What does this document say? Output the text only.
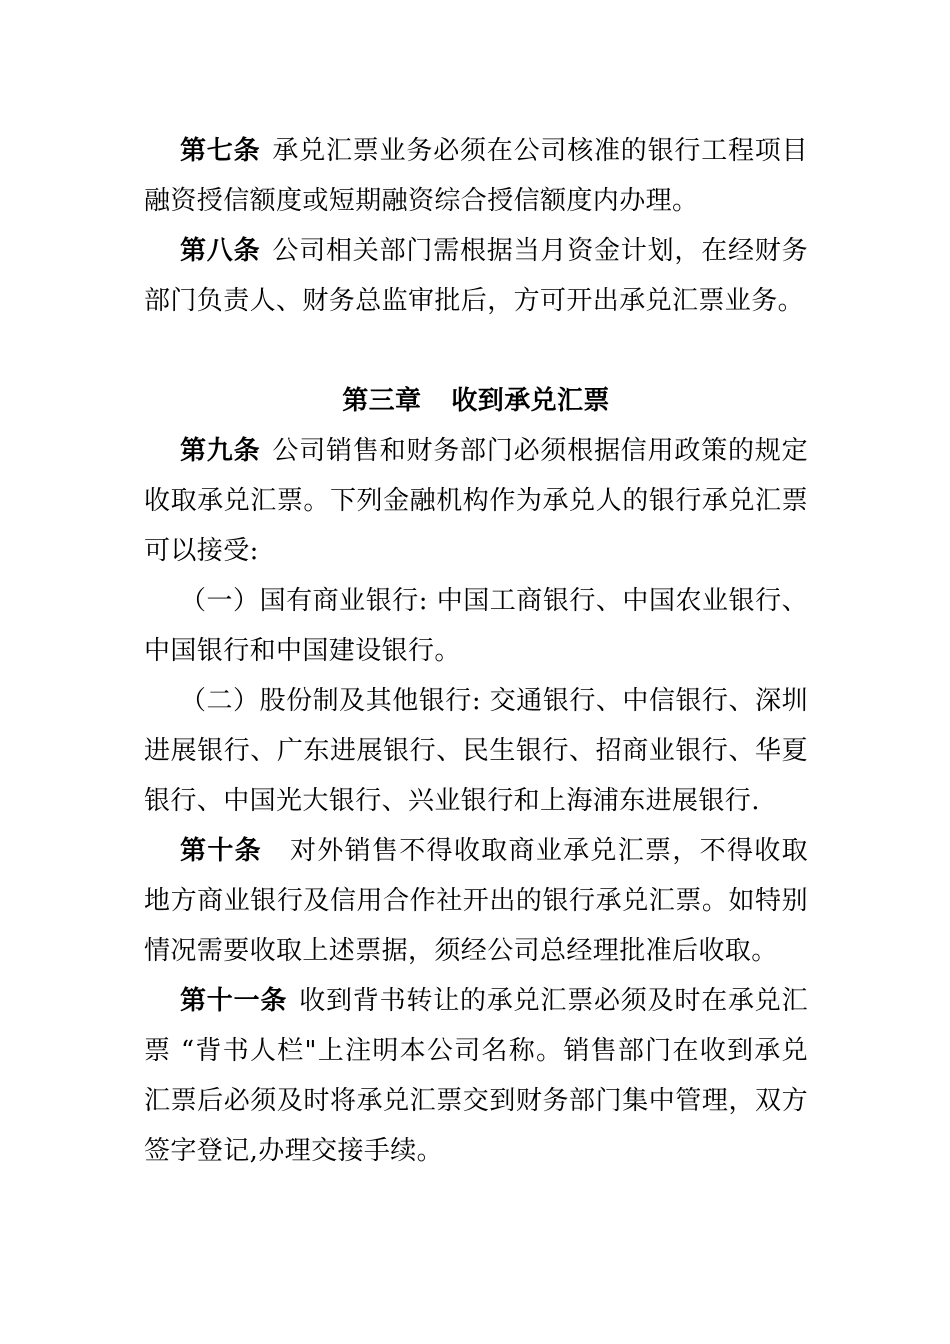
第七条 承兑汇票业务必须在公司核准的银行工程项目融资授信额度或短期融资综合授信额度内办理。

第八条 公司相关部门需根据当月资金计划，在经财务部门负责人、财务总监审批后，方可开出承兑汇票业务。

第三章 收到承兑汇票

第九条 公司销售和财务部门必须根据信用政策的规定收取承兑汇票。下列金融机构作为承兑人的银行承兑汇票可以接受:

（一）国有商业银行: 中国工商银行、中国农业银行、中国银行和中国建设银行。

（二）股份制及其他银行: 交通银行、中信银行、深圳进展银行、广东进展银行、民生银行、招商业银行、华夏银行、中国光大银行、兴业银行和上海浦东进展银行.

第十条 对外销售不得收取商业承兑汇票，不得收取地方商业银行及信用合作社开出的银行承兑汇票。如特别情况需要收取上述票据，须经公司总经理批准后收取。

第十一条 收到背书转让的承兑汇票必须及时在承兑汇票 “背书人栏"上注明本公司名称。销售部门在收到承兑汇票后必须及时将承兑汇票交到财务部门集中管理，双方签字登记,办理交接手续。
